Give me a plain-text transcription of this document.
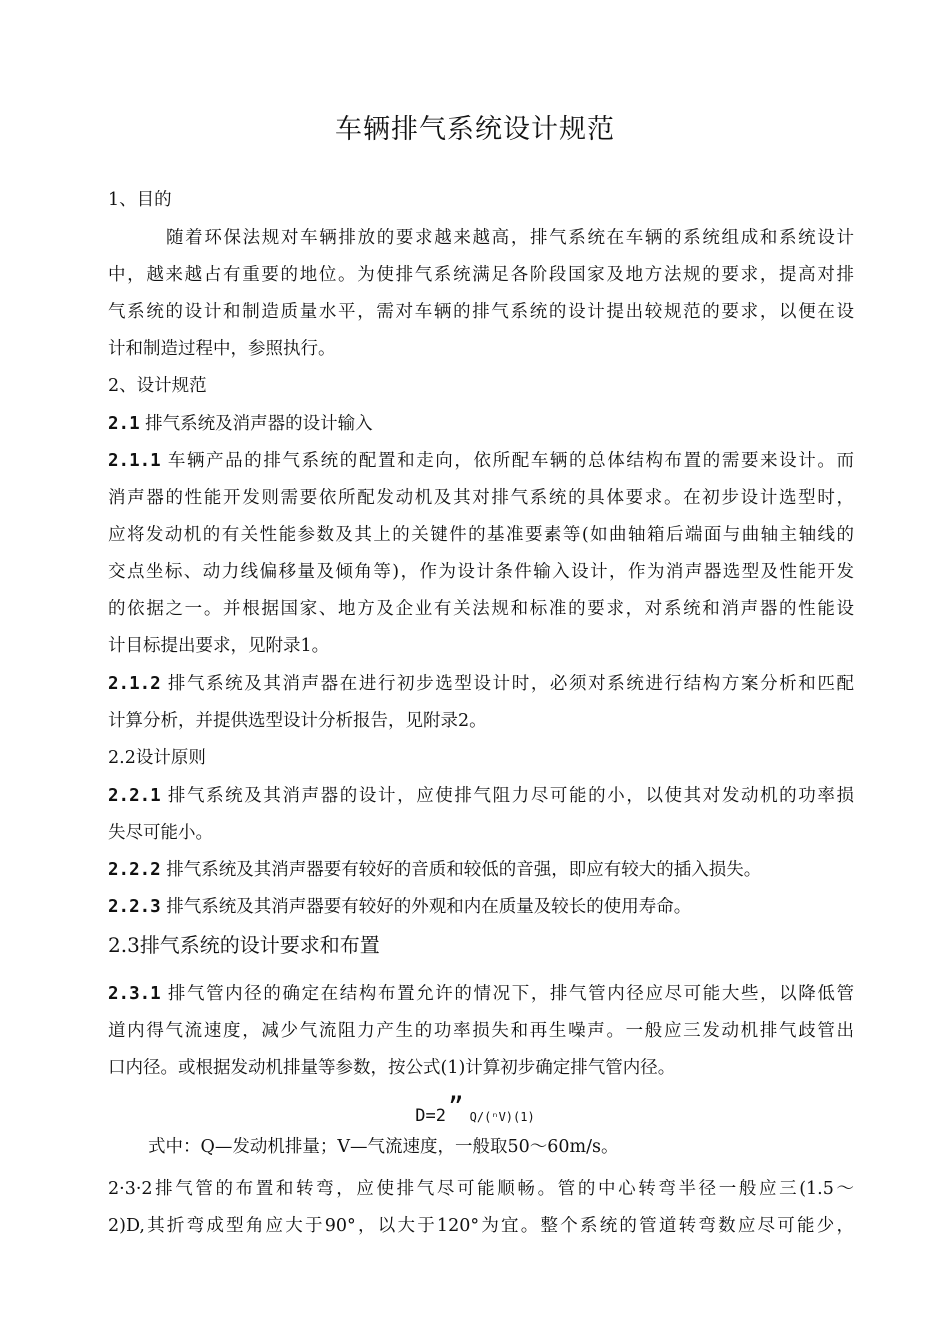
车辆排气系统设计规范
1、目的
随着环保法规对车辆排放的要求越来越高，排气系统在车辆的系统组成和系统设计
中，越来越占有重要的地位。为使排气系统满足各阶段国家及地方法规的要求，提高对排
气系统的设计和制造质量水平，需对车辆的排气系统的设计提出较规范的要求，以便在设
计和制造过程中，参照执行。
2、设计规范
2.1 排气系统及消声器的设计输入
2.1.1 车辆产品的排气系统的配置和走向，依所配车辆的总体结构布置的需要来设计。而
消声器的性能开发则需要依所配发动机及其对排气系统的具体要求。在初步设计选型时，
应将发动机的有关性能参数及其上的关键件的基准要素等(如曲轴箱后端面与曲轴主轴线的
交点坐标、动力线偏移量及倾角等)，作为设计条件输入设计，作为消声器选型及性能开发
的依据之一。并根据国家、地方及企业有关法规和标准的要求，对系统和消声器的性能设
计目标提出要求，见附录1。
2.1.2 排气系统及其消声器在进行初步选型设计时，必须对系统进行结构方案分析和匹配
计算分析，并提供选型设计分析报告，见附录2。
2.2设计原则
2.2.1 排气系统及其消声器的设计，应使排气阻力尽可能的小，以使其对发动机的功率损
失尽可能小。
2.2.2 排气系统及其消声器要有较好的音质和较低的音强，即应有较大的插入损失。
2.2.3 排气系统及其消声器要有较好的外观和内在质量及较长的使用寿命。
2.3排气系统的设计要求和布置
2.3.1 排气管内径的确定在结构布置允许的情况下，排气管内径应尽可能大些，以降低管
道内得气流速度，减少气流阻力产生的功率损失和再生噪声。一般应三发动机排气歧管出
口内径。或根据发动机排量等参数，按公式(1)计算初步确定排气管内径。
D=2” Q/(ⁿV)(1)
式中：Q—发动机排量；V—气流速度，一般取50〜60m/s。
2·3·2排气管的布置和转弯，应使排气尽可能顺畅。管的中心转弯半径一般应三(1.5〜
2)D,其折弯成型角应大于90°，以大于120°为宜。整个系统的管道转弯数应尽可能少，
